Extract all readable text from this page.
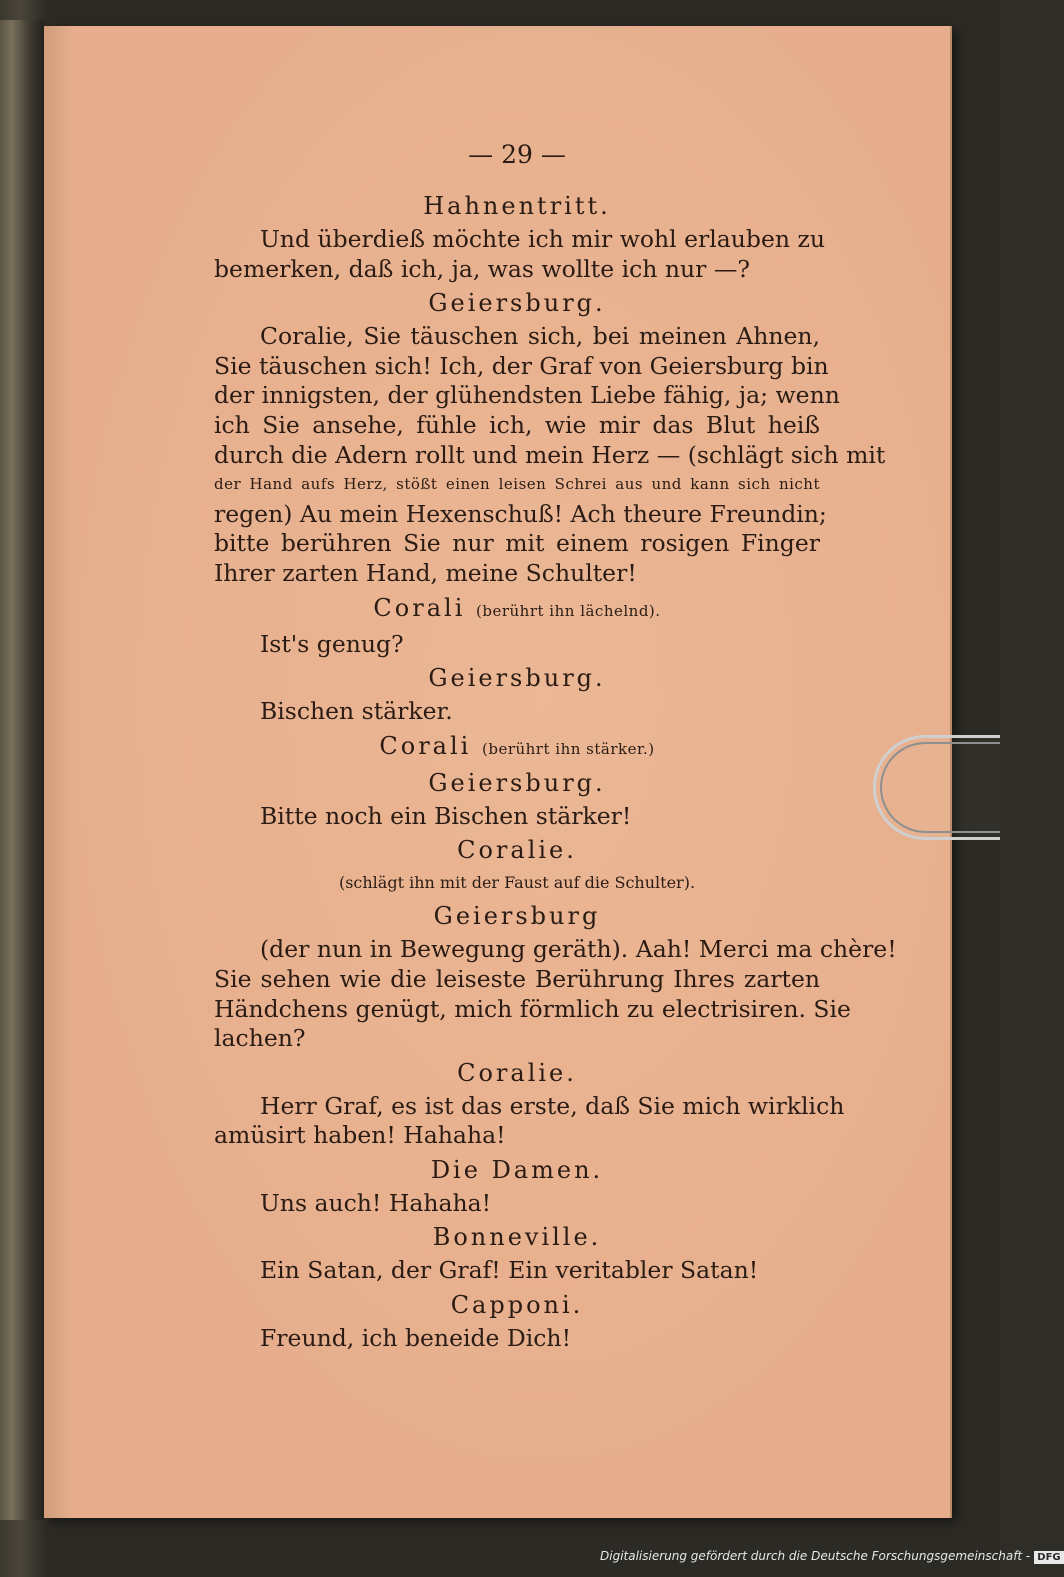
— 29 —
Hahnentritt.
Und überdieß möchte ich mir wohl erlauben zu
bemerken, daß ich, ja, was wollte ich nur —?
Geiersburg.
Coralie, Sie täuschen sich, bei meinen Ahnen,
Sie täuschen sich! Ich, der Graf von Geiersburg bin
der innigsten, der glühendsten Liebe fähig, ja; wenn
ich Sie ansehe, fühle ich, wie mir das Blut heiß
durch die Adern rollt und mein Herz — (schlägt sich mit
der Hand aufs Herz, stößt einen leisen Schrei aus und kann sich nicht
regen) Au mein Hexenschuß! Ach theure Freundin;
bitte berühren Sie nur mit einem rosigen Finger
Ihrer zarten Hand, meine Schulter!
Corali (berührt ihn lächelnd).
Ist's genug?
Geiersburg.
Bischen stärker.
Corali (berührt ihn stärker.)
Geiersburg.
Bitte noch ein Bischen stärker!
Coralie.
(schlägt ihn mit der Faust auf die Schulter).
Geiersburg
(der nun in Bewegung geräth). Aah! Merci ma chère!
Sie sehen wie die leiseste Berührung Ihres zarten
Händchens genügt, mich förmlich zu electrisiren. Sie
lachen?
Coralie.
Herr Graf, es ist das erste, daß Sie mich wirklich
amüsirt haben! Hahaha!
Die Damen.
Uns auch! Hahaha!
Bonneville.
Ein Satan, der Graf! Ein veritabler Satan!
Capponi.
Freund, ich beneide Dich!
Digitalisierung gefördert durch die Deutsche Forschungsgemeinschaft - DFG
